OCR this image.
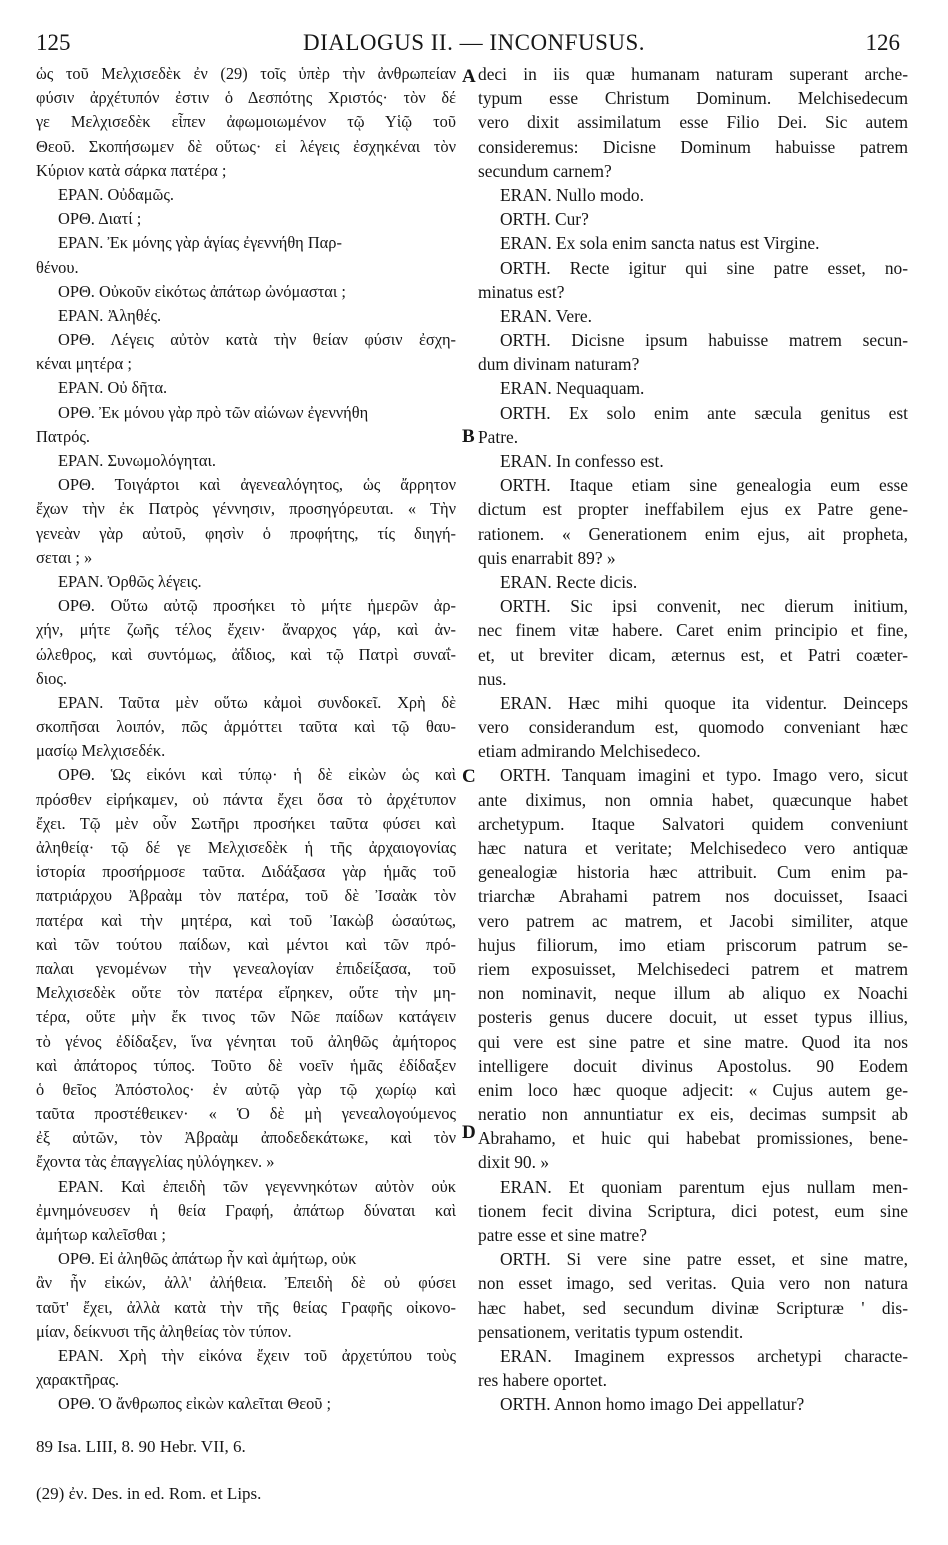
125	DIALOGUS II. — INCONFUSUS.	126
ὡς τοῦ Μελχισεδὲκ ἐν (29) τοῖς ὑπὲρ τὴν ἀνθρωπείαν
φύσιν ἀρχέτυπόν ἐστιν ὁ Δεσπότης Χριστός· τὸν δέ
γε Μελχισεδὲκ εἶπεν ἀφωμοιωμένον τῷ Υἱῷ τοῦ
Θεοῦ. Σκοπήσωμεν δὲ οὕτως· εἰ λέγεις ἐσχηκέναι τὸν
Κύριον κατὰ σάρκα πατέρα ;
ΕΡΑΝ. Οὐδαμῶς.
ΟΡΘ. Διατί ;
ΕΡΑΝ. Ἐκ μόνης γὰρ ἁγίας ἐγεννήθη Παρ-
θένου.
ΟΡΘ. Οὐκοῦν εἰκότως ἀπάτωρ ὠνόμασται ;
ΕΡΑΝ. Ἀληθές.
ΟΡΘ. Λέγεις αὐτὸν κατὰ τὴν θείαν φύσιν ἐσχη-
κέναι μητέρα ;
ΕΡΑΝ. Οὐ δῆτα.
ΟΡΘ. Ἐκ μόνου γὰρ πρὸ τῶν αἰώνων ἐγεννήθη
Πατρός.
ΕΡΑΝ. Συνωμολόγηται.
ΟΡΘ. Τοιγάρτοι καὶ ἀγενεαλόγητος, ὡς ἄρρητον
ἔχων τὴν ἐκ Πατρὸς γέννησιν, προσηγόρευται. « Τὴν
γενεὰν γὰρ αὐτοῦ, φησὶν ὁ προφήτης, τίς διηγή-
σεται ; »
ΕΡΑΝ. Ὀρθῶς λέγεις.
ΟΡΘ. Οὕτω αὐτῷ προσήκει τὸ μήτε ἡμερῶν ἀρ-
χήν, μήτε ζωῆς τέλος ἔχειν· ἄναρχος γάρ, καὶ ἀν-
ώλεθρος, καὶ συντόμως, ἀΐδιος, καὶ τῷ Πατρὶ συναΐ-
διος.
ΕΡΑΝ. Ταῦτα μὲν οὕτω κἀμοὶ συνδοκεῖ. Χρὴ δὲ
σκοπῆσαι λοιπόν, πῶς ἁρμόττει ταῦτα καὶ τῷ θαυ-
μασίῳ Μελχισεδέκ.
ΟΡΘ. Ὡς εἰκόνι καὶ τύπῳ· ἡ δὲ εἰκὼν ὡς καὶ
πρόσθεν εἰρήκαμεν, οὐ πάντα ἔχει ὅσα τὸ ἀρχέτυπον
ἔχει. Τῷ μὲν οὖν Σωτῆρι προσήκει ταῦτα φύσει καὶ
ἀληθείᾳ· τῷ δέ γε Μελχισεδὲκ ἡ τῆς ἀρχαιογονίας
ἱστορία προσήρμοσε ταῦτα. Διδάξασα γὰρ ἡμᾶς τοῦ
πατριάρχου Ἀβραὰμ τὸν πατέρα, τοῦ δὲ Ἰσαὰκ τὸν
πατέρα καὶ τὴν μητέρα, καὶ τοῦ Ἰακὼβ ὡσαύτως,
καὶ τῶν τούτου παίδων, καὶ μέντοι καὶ τῶν πρό-
παλαι γενομένων τὴν γενεαλογίαν ἐπιδείξασα, τοῦ
Μελχισεδὲκ οὔτε τὸν πατέρα εἴρηκεν, οὔτε τὴν μη-
τέρα, οὔτε μὴν ἔκ τινος τῶν Νῶε παίδων κατάγειν
τὸ γένος ἐδίδαξεν, ἵνα γένηται τοῦ ἀληθῶς ἀμήτορος
καὶ ἀπάτορος τύπος. Τοῦτο δὲ νοεῖν ἡμᾶς ἐδίδαξεν
ὁ θεῖος Ἀπόστολος· ἐν αὐτῷ γὰρ τῷ χωρίῳ καὶ
ταῦτα προστέθεικεν· « Ὁ δὲ μὴ γενεαλογούμενος
ἐξ αὐτῶν, τὸν Ἀβραὰμ ἀποδεδεκάτωκε, καὶ τὸν
ἔχοντα τὰς ἐπαγγελίας ηὐλόγηκεν. »
ΕΡΑΝ. Καὶ ἐπειδὴ τῶν γεγεννηκότων αὐτὸν οὐκ
ἐμνημόνευσεν ἡ θεία Γραφή, ἀπάτωρ δύναται καὶ
ἀμήτωρ καλεῖσθαι ;
ΟΡΘ. Εἰ ἀληθῶς ἀπάτωρ ἦν καὶ ἀμήτωρ, οὐκ
ἂν ἦν εἰκών, ἀλλ' ἀλήθεια. Ἐπειδὴ δὲ οὐ φύσει
ταῦτ' ἔχει, ἀλλὰ κατὰ τὴν τῆς θείας Γραφῆς οἰκονο-
μίαν, δείκνυσι τῆς ἀληθείας τὸν τύπον.
ΕΡΑΝ. Χρὴ τὴν εἰκόνα ἔχειν τοῦ ἀρχετύπου τοὺς
χαρακτῆρας.
ΟΡΘ. Ὁ ἄνθρωπος εἰκὼν καλεῖται Θεοῦ ;
deci in iis quæ humanam naturam superant arche-
typum esse Christum Dominum. Melchisedecum
vero dixit assimilatum esse Filio Dei. Sic autem
consideremus: Dicisne Dominum habuisse patrem
secundum carnem?
ERAN. Nullo modo.
ORTH. Cur?
ERAN. Ex sola enim sancta natus est Virgine.
ORTH. Recte igitur qui sine patre esset, no-
minatus est?
ERAN. Vere.
ORTH. Dicisne ipsum habuisse matrem secun-
dum divinam naturam?
ERAN. Nequaquam.
ORTH. Ex solo enim ante sæcula genitus est
Patre.
ERAN. In confesso est.
ORTH. Itaque etiam sine genealogia eum esse
dictum est propter ineffabilem ejus ex Patre gene-
rationem. « Generationem enim ejus, ait propheta,
quis enarrabit 89? »
ERAN. Recte dicis.
ORTH. Sic ipsi convenit, nec dierum initium,
nec finem vitæ habere. Caret enim principio et fine,
et, ut breviter dicam, æternus est, et Patri coæter-
nus.
ERAN. Hæc mihi quoque ita videntur. Deinceps
vero considerandum est, quomodo conveniant hæc
etiam admirando Melchisedeco.
ORTH. Tanquam imagini et typo. Imago vero, sicut
ante diximus, non omnia habet, quæcunque habet
archetypum. Itaque Salvatori quidem conveniunt
hæc natura et veritate; Melchisedeco vero antiquæ
genealogiæ historia hæc attribuit. Cum enim pa-
triarchæ Abrahami patrem nos docuisset, Isaaci
vero patrem ac matrem, et Jacobi similiter, atque
hujus filiorum, imo etiam priscorum patrum se-
riem exposuisset, Melchisedeci patrem et matrem
non nominavit, neque illum ab aliquo ex Noachi
posteris genus ducere docuit, ut esset typus illius,
qui vere est sine patre et sine matre. Quod ita nos
intelligere docuit divinus Apostolus. 90 Eodem
enim loco hæc quoque adjecit: « Cujus autem ge-
neratio non annuntiatur ex eis, decimas sumpsit ab
Abrahamo, et huic qui habebat promissiones, bene-
dixit 90. »
ERAN. Et quoniam parentum ejus nullam men-
tionem fecit divina Scriptura, dici potest, eum sine
patre esse et sine matre?
ORTH. Si vere sine patre esset, et sine matre,
non esset imago, sed veritas. Quia vero non natura
hæc habet, sed secundum divinæ Scripturæ ' dis-
pensationem, veritatis typum ostendit.
ERAN. Imaginem expressos archetypi characte-
res habere oportet.
ORTH. Annon homo imago Dei appellatur?
A
B
C
D
89 Isa. LIII, 8. 90 Hebr. VII, 6.
(29) ἐν. Des. in ed. Rom. et Lips.
